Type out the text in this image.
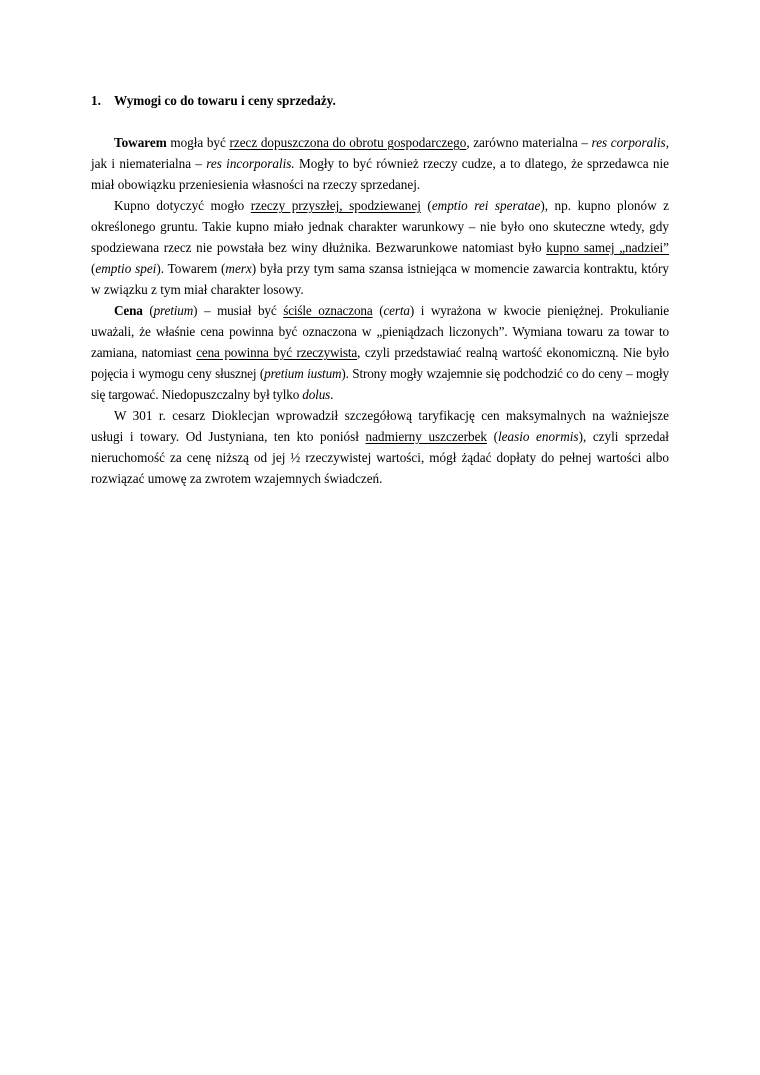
1. Wymogi co do towaru i ceny sprzedaży.

Towarem mogła być rzecz dopuszczona do obrotu gospodarczego, zarówno materialna – res corporalis, jak i niematerialna – res incorporalis. Mogły to być również rzeczy cudze, a to dlatego, że sprzedawca nie miał obowiązku przeniesienia własności na rzeczy sprzedanej.

Kupno dotyczyć mogło rzeczy przyszłej, spodziewanej (emptio rei speratae), np. kupno plonów z określonego gruntu. Takie kupno miało jednak charakter warunkowy – nie było ono skuteczne wtedy, gdy spodziewana rzecz nie powstała bez winy dłużnika. Bezwarunkowe natomiast było kupno samej „nadziei” (emptio spei). Towarem (merx) była przy tym sama szansa istniejąca w momencie zawarcia kontraktu, który w związku z tym miał charakter losowy.

Cena (pretium) – musiał być ściśle oznaczona (certa) i wyrażona w kwocie pieniężnej. Prokulianie uważali, że właśnie cena powinna być oznaczona w „pieniądzach liczonych”. Wymiana towaru za towar to zamiana, natomiast cena powinna być rzeczywista, czyli przedstawiać realną wartość ekonomiczną. Nie było pojęcia i wymogu ceny słusznej (pretium iustum). Strony mogły wzajemnie się podchodzić co do ceny – mogły się targować. Niedopuszczalny był tylko dolus.

W 301 r. cesarz Dioklecjan wprowadził szczegółową taryfikację cen maksymalnych na ważniejsze usługi i towary. Od Justyniana, ten kto poniósł nadmierny uszczerbek (leasio enormis), czyli sprzedał nieruchomość za cenę niższą od jej ½ rzeczywistej wartości, mógł żądać dopłaty do pełnej wartości albo rozwiązać umowę za zwrotem wzajemnych świadczeń.
